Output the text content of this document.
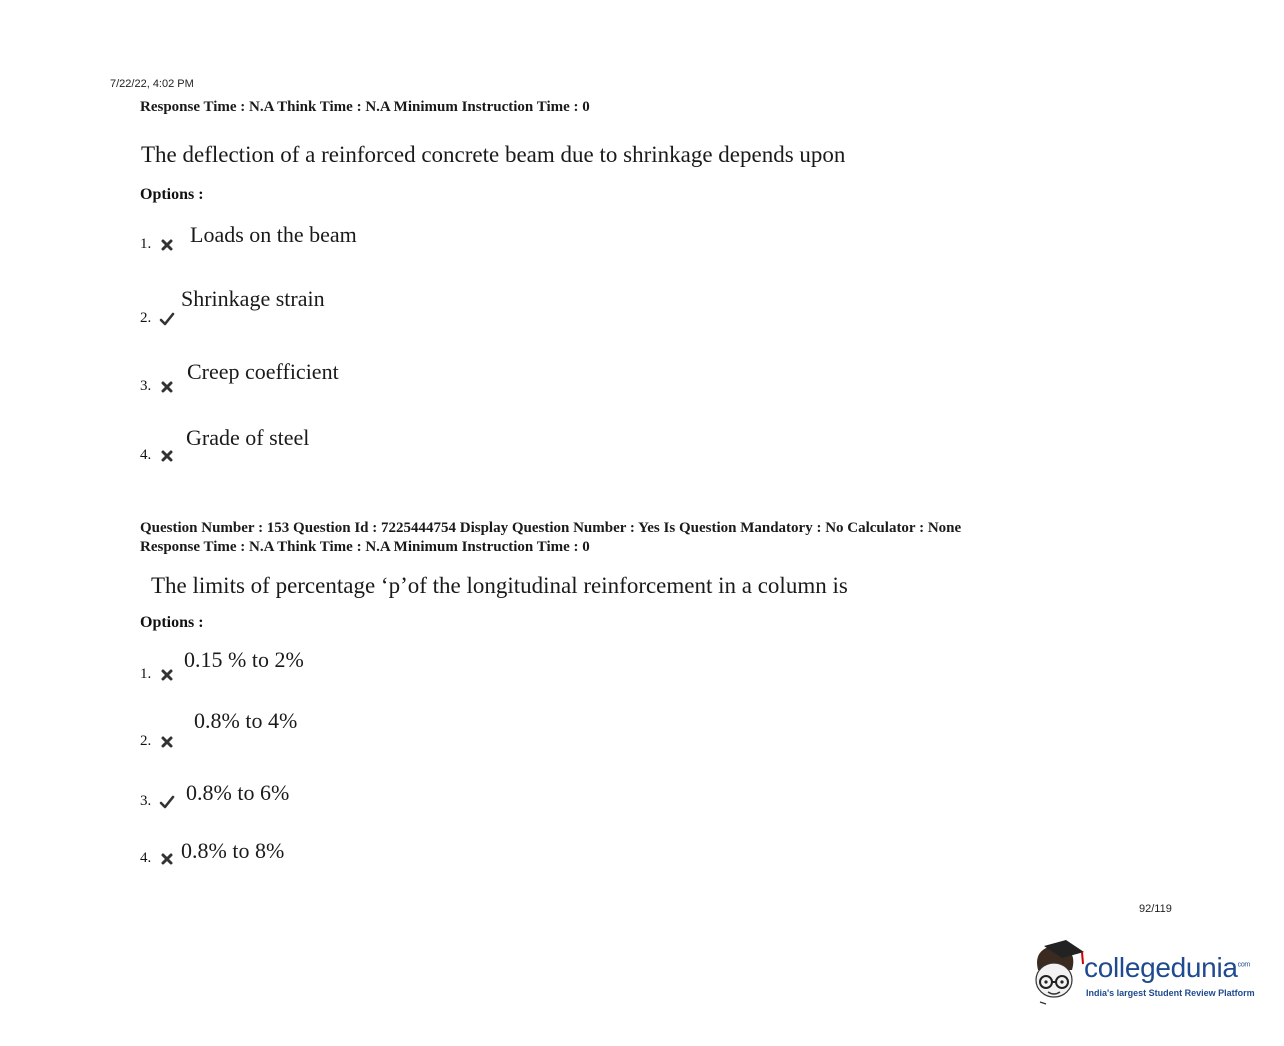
7/22/22, 4:02 PM
Response Time : N.A Think Time : N.A Minimum Instruction Time : 0
The deflection of a reinforced concrete beam due to shrinkage depends upon
Options :
1.	Loads on the beam
2.
Shrinkage strain
3.
Creep coefficient
4.
Grade of steel
Question Number : 153 Question Id : 7225444754 Display Question Number : Yes Is Question Mandatory : No Calculator : None
Response Time : N.A Think Time : N.A Minimum Instruction Time : 0
The limits of percentage ‘p’of the longitudinal reinforcement in a column is
Options :
1.
0.15 % to 2%
2.
0.8% to 4%
3.	0.8% to 6%
4.	0.8% to 8%
92/119
collegedunia$^{com}$
India's largest Student Review Platform
